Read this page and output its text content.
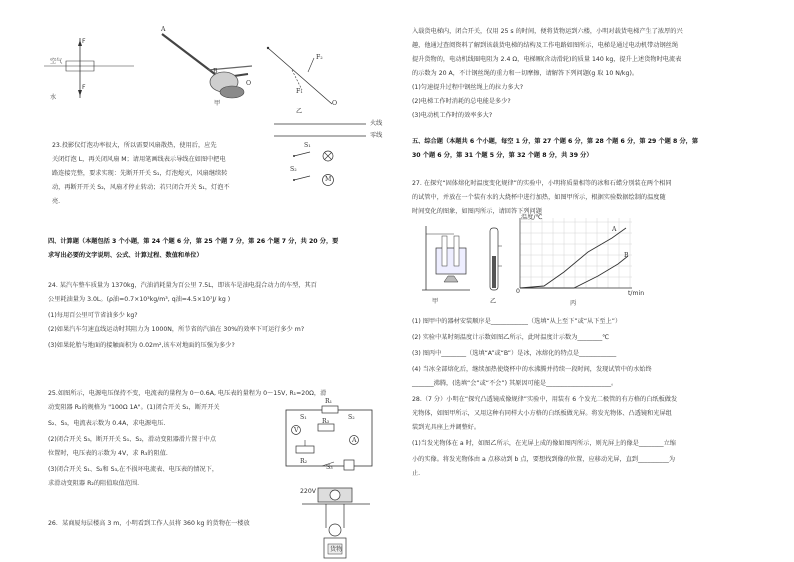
F
F
空气
水
A
B
O
甲
F₂
F₁
O
乙
23.投影仪灯泡功率很大，所以需要风扇散热，使用后，应先
关闭灯泡 L，再关闭风扇 M；请用笔画线表示导线在如图中把电
路连接完整，要求实现：先断开开关 S₁，灯泡熄灭，风扇继续转
动，再断开开关 S₂，风扇才停止转动；若只闭合开关 S₁，灯泡不
亮.
火线
零线
S₁
S₂
M
四、计算题（本题包括 3 个小题，第 24 个题 6 分，第 25 个题 7 分，第 26 个题 7 分，共 20 分，要
求写出必要的文字说明、公式、计算过程、数值和单位）
24. 某汽车整车质量为 1370kg，汽油消耗量为百公里 7.5L，即该车是油电混合动力的车型，其百
公里耗油量为 3.0L。(ρ油=0.7×10³kg/m³, q油=4.5×10⁷J/ kg )
(1)每用百公里可节省油多少 kg?
(2)如果汽车匀速直线运动时其阻力为 1000N，所节省的汽油在 30%的效率下可运行多少 m?
(3)如果轮胎与地面的接触面积为 0.02m²,该车对地面的压强为多少?
25.如图所示，电源电压保持不变，电流表的量程为 0～0.6A, 电压表的量程为 0～15V, R₁=20Ω，滑
动变阻器 R₂的规格为 "100Ω 1A"。(1)闭合开关 S₁，断开开关
S₂、S₃，电流表示数为 0.4A，求电源电压.
(2)闭合开关 S₃，断开开关 S₁、S₂，滑动变阻器滑片置于中点
位置时，电压表的示数为 4V，求 R₃的阻值.
(3)闭合开关 S₁、S₂和 S₃,在不损坏电流表、电压表的情况下，
求滑动变阻器 R₂的阻值取值范围.
R₁
S₁
R₃
V
S₂
A
R₂
S₃
26．某商厦每层楼高 3 m，小明看到工作人员将 360 kg 的货物在一楼放
220V
货物
入载货电梯内，闭合开关，仅用 25 s 的时间，便将货物运到六楼，小明对载货电梯产生了浓厚的兴
趣，他通过查阅资料了解到该载货电梯的结构及工作电路如图所示，电梯是通过电动机带动钢丝绳
提升货物的，电动机线圈电阻为 2.4 Ω，电梯厢(含动滑轮)的质量 140 kg，提升上述货物时电流表
的示数为 20 A，不计钢丝绳的重力和一切摩擦，请解答下列问题(g 取 10 N/kg)。
(1)匀速提升过程中钢丝绳上的拉力多大?
(2)电梯工作时消耗的总电能是多少?
(3)电动机工作时的效率多大?
五、综合题（本题共 6 个小题，每空 1 分，第 27 个题 6 分，第 28 个题 6 分，第 29 个题 8 分，第
30 个题 6 分，第 31 个题 5 分，第 32 个题 8 分，共 39 分）
27. 在探究“固体熔化时温度变化规律”的实验中，小明将质量相等的冰和石蜡分别装在两个相同
的试管中，并放在一个装有水的大烧杯中进行加热，如图甲所示，根据实验数据绘制的温度随
时间变化的图象，如图丙所示，请回答下列问题
甲	乙
温度/℃
A
B
t/min
0
丙
(1) 图甲中的器材安装顺序是____________（选填“从上至下”或“从下至上”）
(2) 实验中某时刻温度计示数如图乙所示，此时温度计示数为________℃
(3) 图丙中________（选填“A”或“B”）是冰，冰熔化的特点是____________
(4) 当冰全部熔化后，继续加热使烧杯中的水沸腾并持续一段时间，发现试管中的水始终
_______沸腾，(选填“会”或“不会”) 其原因可能是_____________________。
28.（7 分）小明在“探究凸透镜成像规律”实验中，用装有 6 个发光二极管的有方格的白纸板做发
光物体，如图甲所示，又用这种有同样大小方格的白纸板做光屏。将发光物体、凸透镜和光屏组
装到光具座上并调整好。
(1)当发光物体在 a 时，如图乙所示，在光屏上成的像如图丙所示，则光屏上的像是________立缩
小的实像。将发光物体由 a 点移动到 b 点，要想找到像的位置，应移动光屏，直到__________为
止.
